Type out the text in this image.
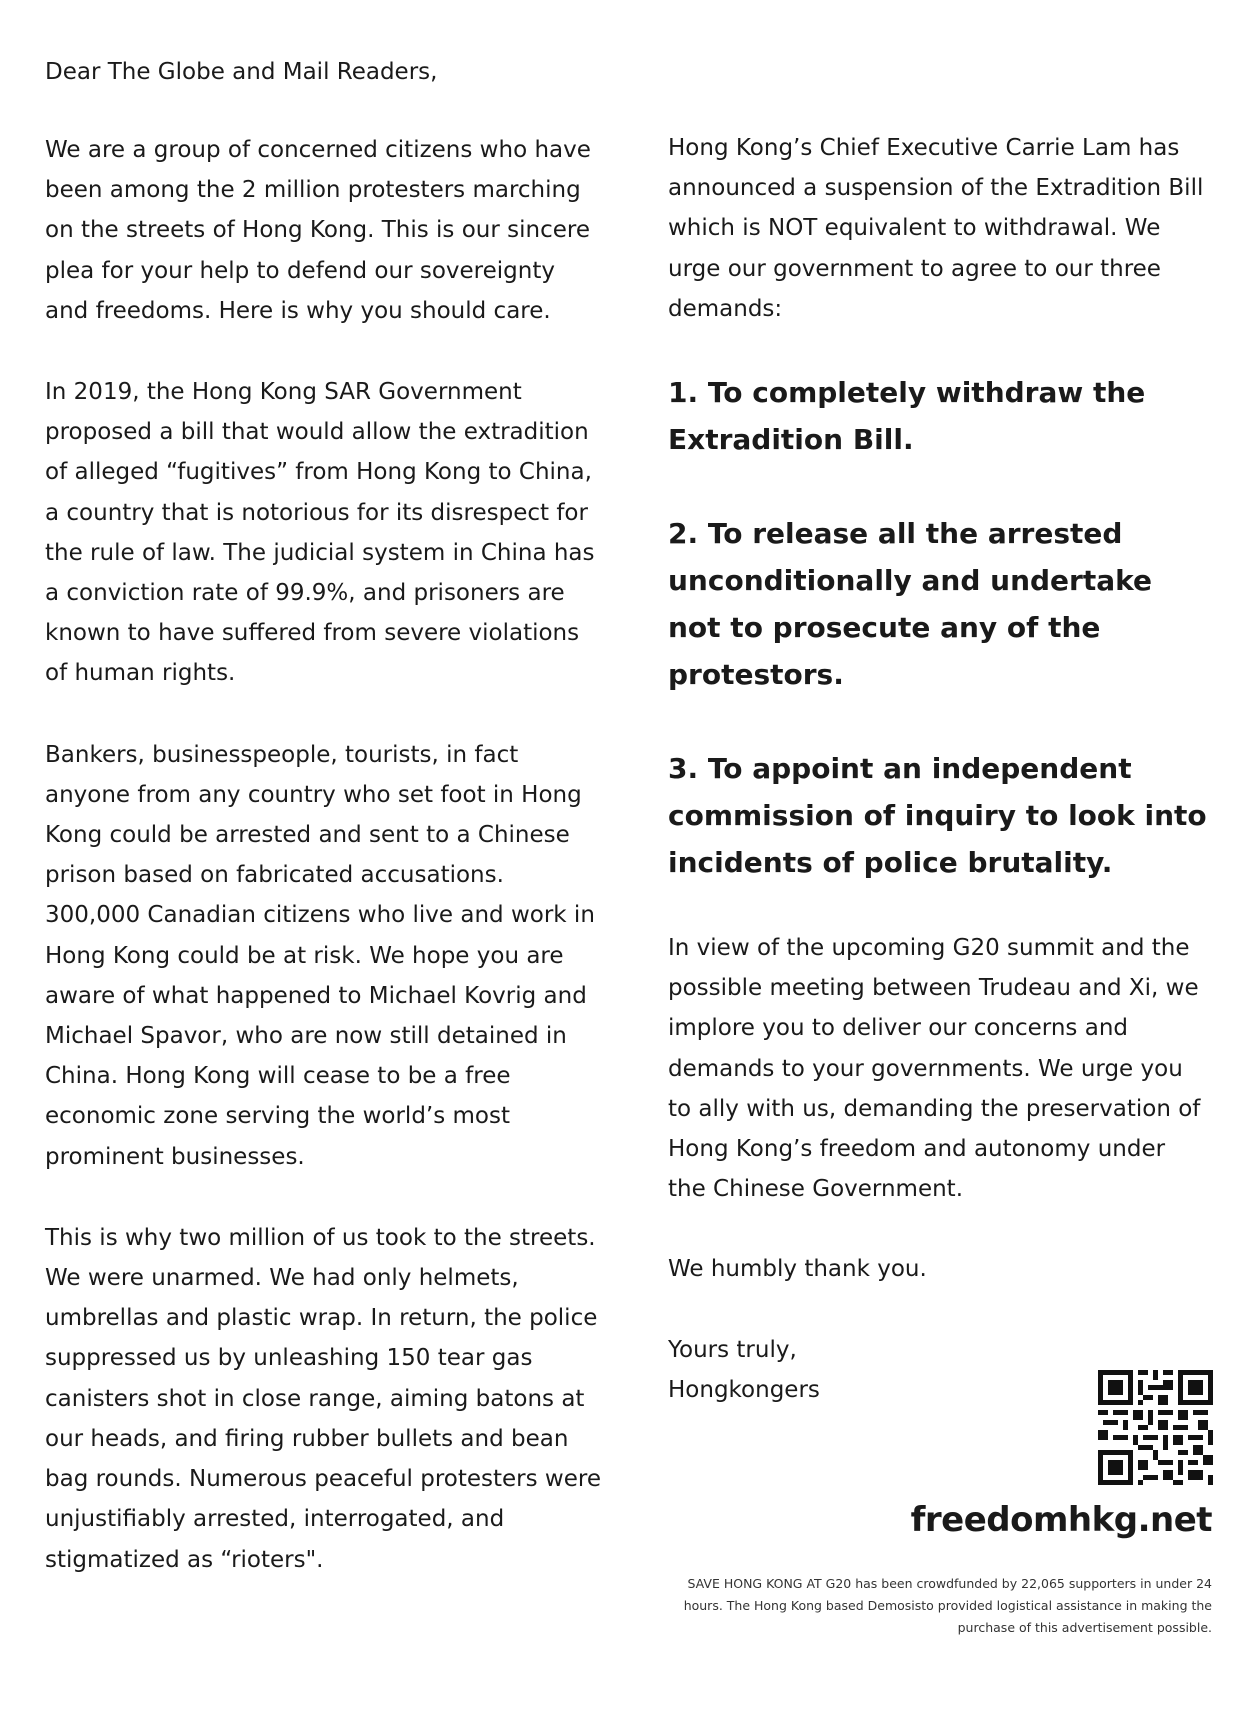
Dear The Globe and Mail Readers,

We are a group of concerned citizens who have been among the 2 million protesters marching on the streets of Hong Kong. This is our sincere plea for your help to defend our sovereignty and freedoms. Here is why you should care.

In 2019, the Hong Kong SAR Government proposed a bill that would allow the extradition of alleged “fugitives” from Hong Kong to China, a country that is notorious for its disrespect for the rule of law. The judicial system in China has a conviction rate of 99.9%, and prisoners are known to have suffered from severe violations of human rights.

Bankers, businesspeople, tourists, in fact anyone from any country who set foot in Hong Kong could be arrested and sent to a Chinese prison based on fabricated accusations. 300,000 Canadian citizens who live and work in Hong Kong could be at risk. We hope you are aware of what happened to Michael Kovrig and Michael Spavor, who are now still detained in China. Hong Kong will cease to be a free economic zone serving the world’s most prominent businesses.

This is why two million of us took to the streets. We were unarmed. We had only helmets, umbrellas and plastic wrap. In return, the police suppressed us by unleashing 150 tear gas canisters shot in close range, aiming batons at our heads, and firing rubber bullets and bean bag rounds. Numerous peaceful protesters were unjustifiably arrested, interrogated, and stigmatized as “rioters".

Hong Kong’s Chief Executive Carrie Lam has announced a suspension of the Extradition Bill which is NOT equivalent to withdrawal. We urge our government to agree to our three demands:

1. To completely withdraw the Extradition Bill.

2. To release all the arrested unconditionally and undertake not to prosecute any of the protestors.

3. To appoint an independent commission of inquiry to look into incidents of police brutality.

In view of the upcoming G20 summit and the possible meeting between Trudeau and Xi, we implore you to deliver our concerns and demands to your governments. We urge you to ally with us, demanding the preservation of Hong Kong’s freedom and autonomy under the Chinese Government.

We humbly thank you.

Yours truly,
Hongkongers
freedomhkg.net
SAVE HONG KONG AT G20 has been crowdfunded by 22,065 supporters in under 24 hours. The Hong Kong based Demosisto provided logistical assistance in making the purchase of this advertisement possible.
